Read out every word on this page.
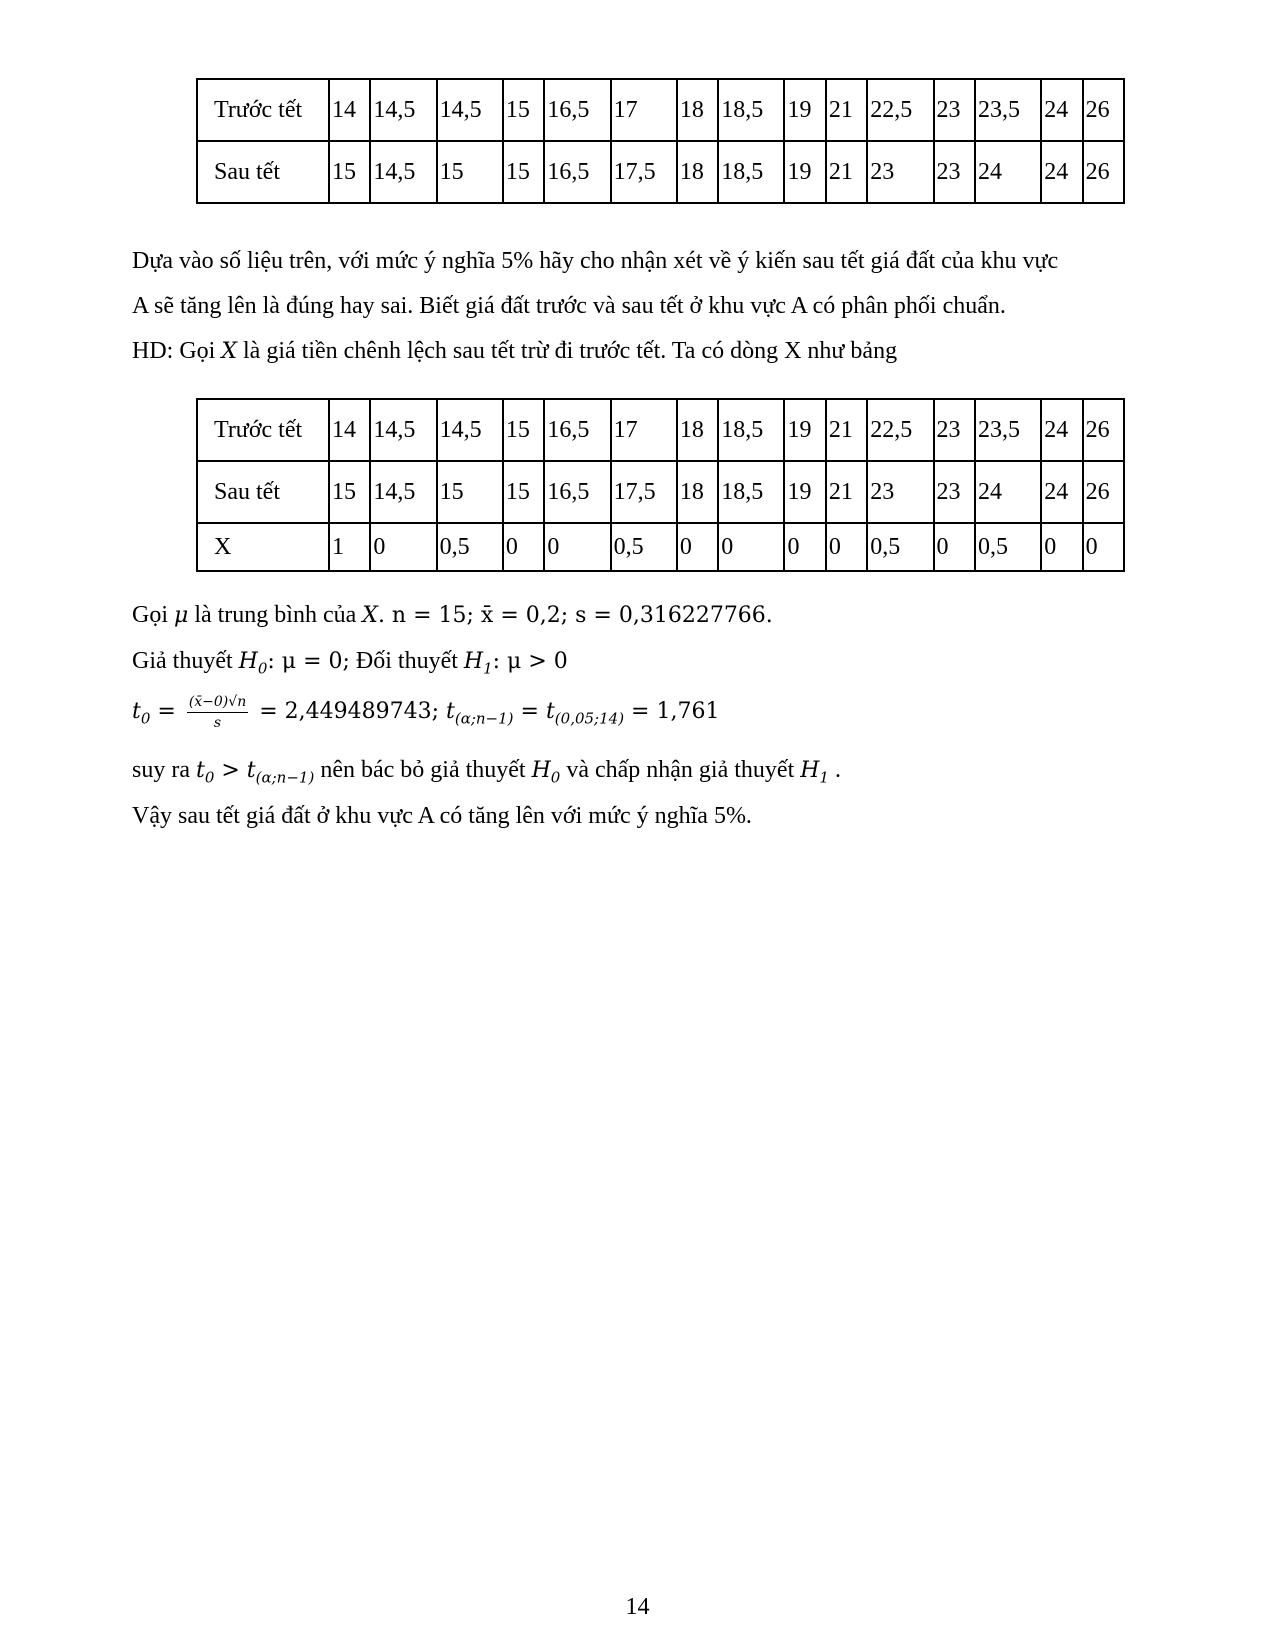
Trước tết	14	14,5	14,5	15	16,5	17	18	18,5	19	21	22,5	23	23,5	24	26
Sau tết	15	14,5	15	15	16,5	17,5	18	18,5	19	21	23	23	24	24	26
Dựa vào số liệu trên, với mức ý nghĩa 5% hãy cho nhận xét về ý kiến sau tết giá đất của khu vực
A sẽ tăng lên là đúng hay sai. Biết giá đất trước và sau tết ở khu vực A có phân phối chuẩn.
HD: Gọi X là giá tiền chênh lệch sau tết trừ đi trước tết. Ta có dòng X như bảng
Trước tết	14	14,5	14,5	15	16,5	17	18	18,5	19	21	22,5	23	23,5	24	26
Sau tết	15	14,5	15	15	16,5	17,5	18	18,5	19	21	23	23	24	24	26
X	1	0	0,5	0	0	0,5	0	0	0	0	0,5	0	0,5	0	0
Gọi μ là trung bình của X. n = 15; x̄ = 0,2; s = 0,316227766.
Giả thuyết $H_0$: μ = 0; Đối thuyết $H_1$: μ > 0
$t_0 = \frac{(x̄-0)√n}{s} = 2,449489743$; $t_{(\alpha;n-1)} = t_{(0,05;14)} = 1,761$
suy ra $t_0 > t_{(\alpha;n-1)}$ nên bác bỏ giả thuyết $H_0$ và chấp nhận giả thuyết $H_1$ .
Vậy sau tết giá đất ở khu vực A có tăng lên với mức ý nghĩa 5%.
14
